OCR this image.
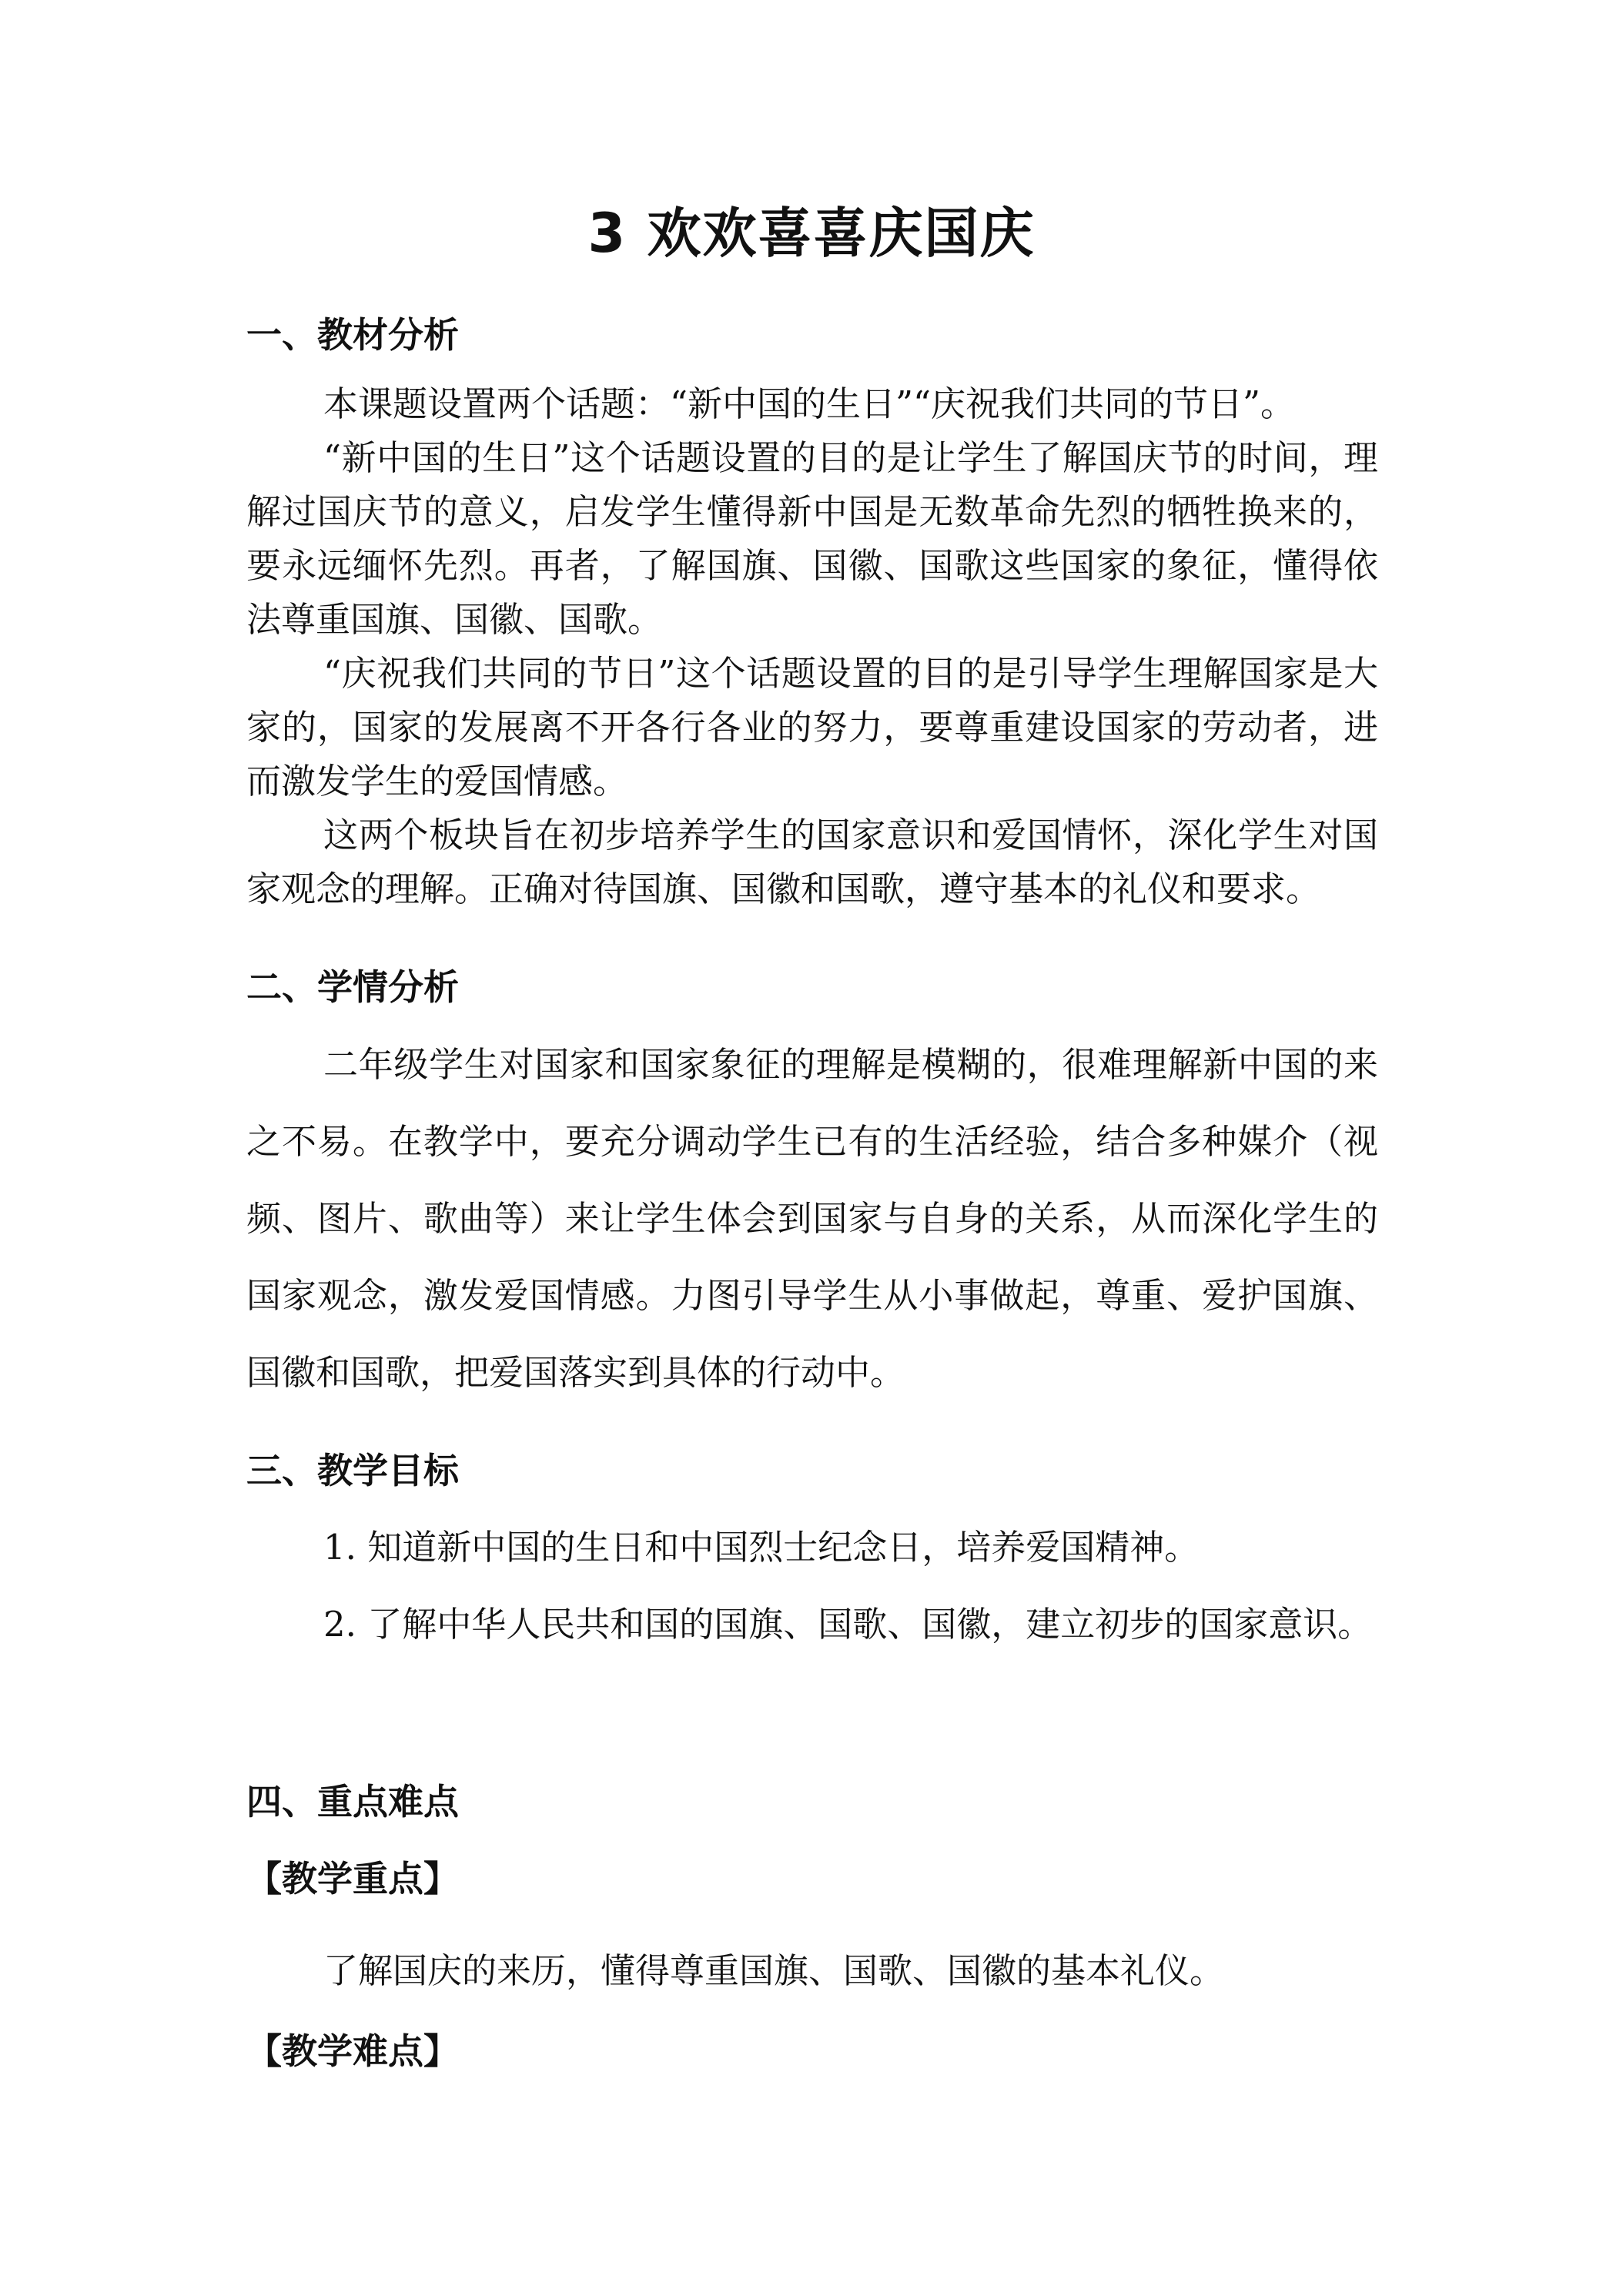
3 欢欢喜喜庆国庆
一、教材分析

本课题设置两个话题：“新中国的生日”“庆祝我们共同的节日”。

“新中国的生日”这个话题设置的目的是让学生了解国庆节的时间，理解过国庆节的意义，启发学生懂得新中国是无数革命先烈的牺牲换来的，要永远缅怀先烈。再者，了解国旗、国徽、国歌这些国家的象征，懂得依法尊重国旗、国徽、国歌。

“庆祝我们共同的节日”这个话题设置的目的是引导学生理解国家是大家的，国家的发展离不开各行各业的努力，要尊重建设国家的劳动者，进而激发学生的爱国情感。

这两个板块旨在初步培养学生的国家意识和爱国情怀，深化学生对国家观念的理解。正确对待国旗、国徽和国歌，遵守基本的礼仪和要求。

二、学情分析
二年级学生对国家和国家象征的理解是模糊的，很难理解新中国的来之不易。在教学中，要充分调动学生已有的生活经验，结合多种媒介（视频、图片、歌曲等）来让学生体会到国家与自身的关系，从而深化学生的国家观念，激发爱国情感。力图引导学生从小事做起，尊重、爱护国旗、国徽和国歌，把爱国落实到具体的行动中。
三、教学目标
1. 知道新中国的生日和中国烈士纪念日，培养爱国精神。
2. 了解中华人民共和国的国旗、国歌、国徽，建立初步的国家意识。
四、重点难点
【教学重点】
了解国庆的来历，懂得尊重国旗、国歌、国徽的基本礼仪。
【教学难点】
